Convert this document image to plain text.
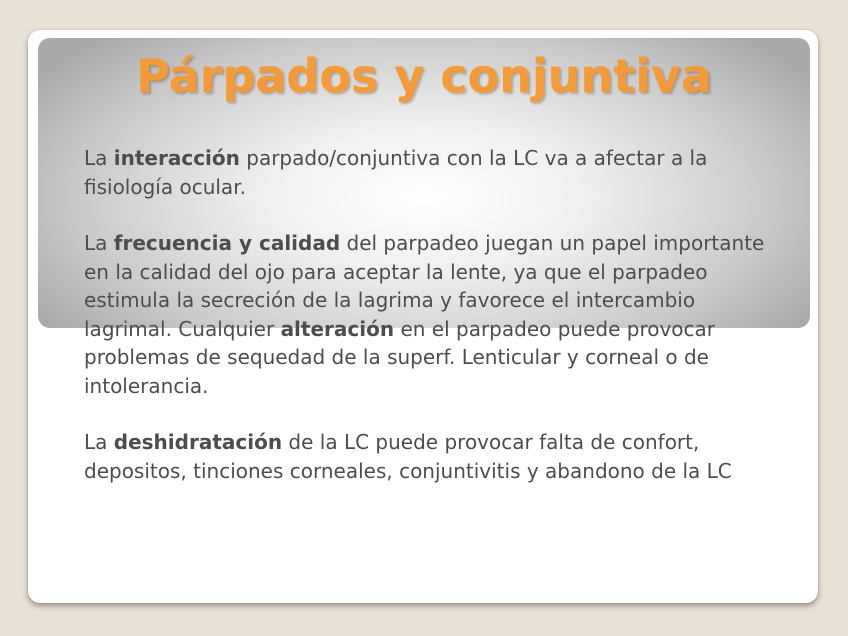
Párpados y conjuntiva

La interacción parpado/conjuntiva con la LC va a afectar a la fisiología ocular.

La frecuencia y calidad del parpadeo juegan un papel importante en la calidad del ojo para aceptar la lente, ya que el parpadeo estimula la secreción de la lagrima y favorece el intercambio lagrimal. Cualquier alteración en el parpadeo puede provocar problemas de sequedad de la superf. Lenticular y corneal o de intolerancia.

La deshidratación de la LC puede provocar falta de confort, depositos, tinciones corneales, conjuntivitis y abandono de la LC
